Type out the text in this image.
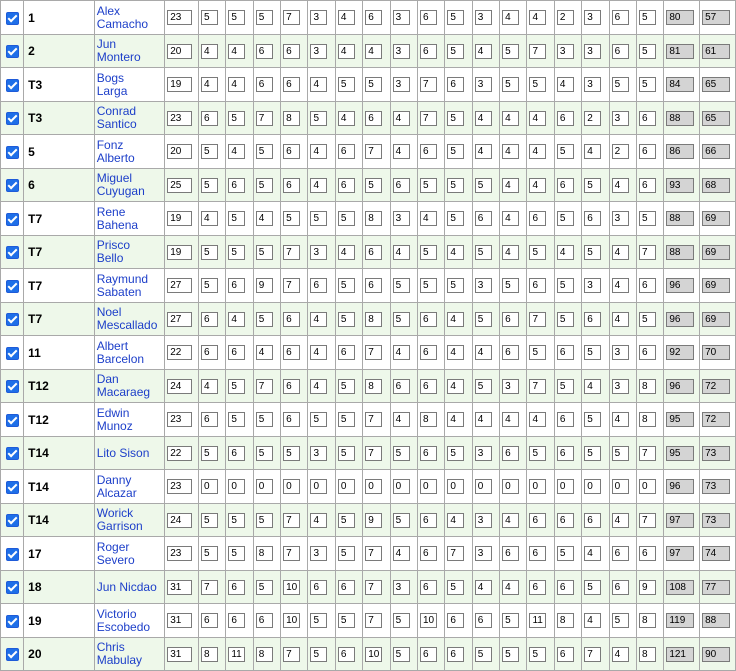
	1	Alex
Camacho	23	5	5	5	7	3	4	6	3	6	5	3	4	4	2	3	6	5	80	57
	2	Jun
Montero	20	4	4	6	6	3	4	4	3	6	5	4	5	7	3	3	6	5	81	61
	T3	Bogs
Larga	19	4	4	6	6	4	5	5	3	7	6	3	5	5	4	3	5	5	84	65
	T3	Conrad
Santico	23	6	5	7	8	5	4	6	4	7	5	4	4	4	6	2	3	6	88	65
	5	Fonz
Alberto	20	5	4	5	6	4	6	7	4	6	5	4	4	4	5	4	2	6	86	66
	6	Miguel
Cuyugan	25	5	6	5	6	4	6	5	6	5	5	5	4	4	6	5	4	6	93	68
	T7	Rene
Bahena	19	4	5	4	5	5	5	8	3	4	5	6	4	6	5	6	3	5	88	69
	T7	Prisco
Bello	19	5	5	5	7	3	4	6	4	5	4	5	4	5	4	5	4	7	88	69
	T7	Raymund
Sabaten	27	5	6	9	7	6	5	6	5	5	5	3	5	6	5	3	4	6	96	69
	T7	Noel
Mescallado	27	6	4	5	6	4	5	8	5	6	4	5	6	7	5	6	4	5	96	69
	11	Albert
Barcelon	22	6	6	4	6	4	6	7	4	6	4	4	6	5	6	5	3	6	92	70
	T12	Dan
Macaraeg	24	4	5	7	6	4	5	8	6	6	4	5	3	7	5	4	3	8	96	72
	T12	Edwin
Munoz	23	6	5	5	6	5	5	7	4	8	4	4	4	4	6	5	4	8	95	72
	T14	Lito Sison	22	5	6	5	5	3	5	7	5	6	5	3	6	5	6	5	5	7	95	73
	T14	Danny
Alcazar	23	0	0	0	0	0	0	0	0	0	0	0	0	0	0	0	0	0	96	73
	T14	Worick
Garrison	24	5	5	5	7	4	5	9	5	6	4	3	4	6	6	6	4	7	97	73
	17	Roger
Severo	23	5	5	8	7	3	5	7	4	6	7	3	6	6	5	4	6	6	97	74
	18	Jun Nicdao	31	7	6	5	10	6	6	7	3	6	5	4	4	6	6	5	6	9	108	77
	19	Victorio
Escobedo	31	6	6	6	10	5	5	7	5	10	6	6	5	11	8	4	5	8	119	88
	20	Chris
Mabulay	31	8	11	8	7	5	6	10	5	6	6	5	5	5	6	7	4	8	121	90
